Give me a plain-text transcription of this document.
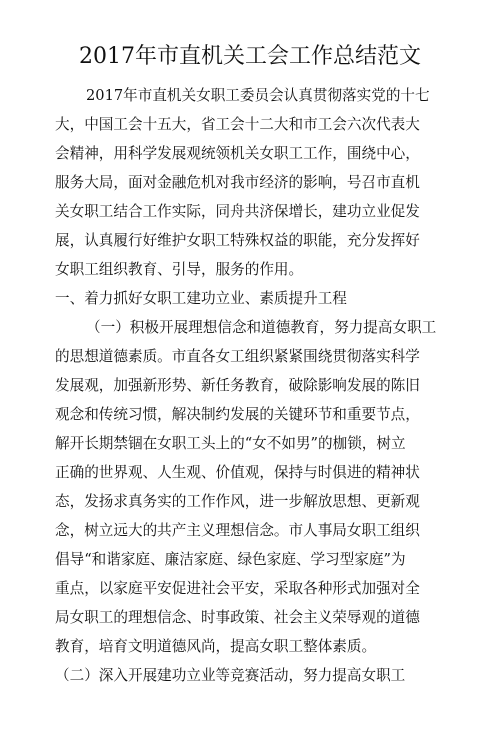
2017年市直机关工会工作总结范文
2017年市直机关女职工委员会认真贯彻落实党的十七
大，中国工会十五大，省工会十二大和市工会六次代表大
会精神，用科学发展观统领机关女职工工作，围绕中心，
服务大局，面对金融危机对我市经济的影响，号召市直机
关女职工结合工作实际，同舟共济保增长，建功立业促发
展，认真履行好维护女职工特殊权益的职能，充分发挥好
女职工组织教育、引导，服务的作用。
一、着力抓好女职工建功立业、素质提升工程
（一）积极开展理想信念和道德教育，努力提高女职工
的思想道德素质。市直各女工组织紧紧围绕贯彻落实科学
发展观，加强新形势、新任务教育，破除影响发展的陈旧
观念和传统习惯，解决制约发展的关键环节和重要节点，
解开长期禁锢在女职工头上的“女不如男”的枷锁，树立
正确的世界观、人生观、价值观，保持与时俱进的精神状
态，发扬求真务实的工作作风，进一步解放思想、更新观
念，树立远大的共产主义理想信念。市人事局女职工组织
倡导“和谐家庭、廉洁家庭、绿色家庭、学习型家庭”为
重点，以家庭平安促进社会平安，采取各种形式加强对全
局女职工的理想信念、时事政策、社会主义荣辱观的道德
教育，培育文明道德风尚，提高女职工整体素质。
（二）深入开展建功立业等竞赛活动，努力提高女职工
